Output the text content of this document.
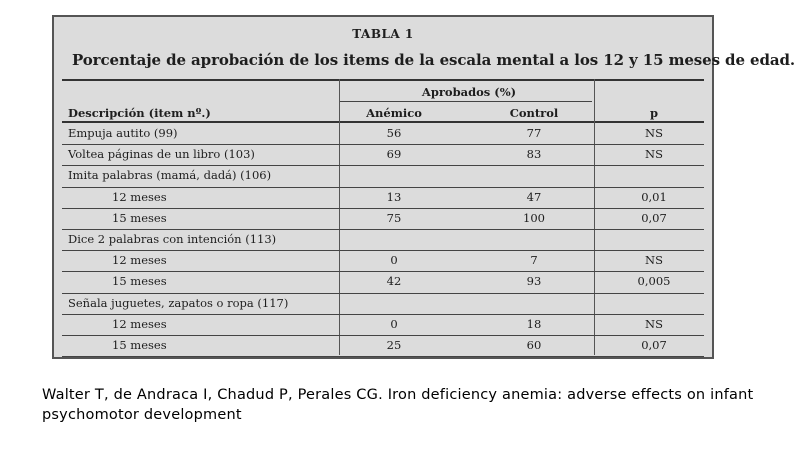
TABLA 1
Porcentaje de aprobación de los items de la escala mental a los 12 y 15 meses de edad.
Aprobados (%)
Descripción (item nº.)	Anémico	Control	p
Empuja autito (99)	56	77	NS
Voltea páginas de un libro (103)	69	83	NS
Imita palabras (mamá, dadá) (106)
12 meses	13	47	0,01
15 meses	75	100	0,07
Dice 2 palabras con intención (113)
12 meses	0	7	NS
15 meses	42	93	0,005
Señala juguetes, zapatos o ropa (117)
12 meses	0	18	NS
15 meses	25	60	0,07
Walter T, de Andraca I, Chadud P, Perales CG. Iron deficiency anemia: adverse effects on infant psychomotor development
